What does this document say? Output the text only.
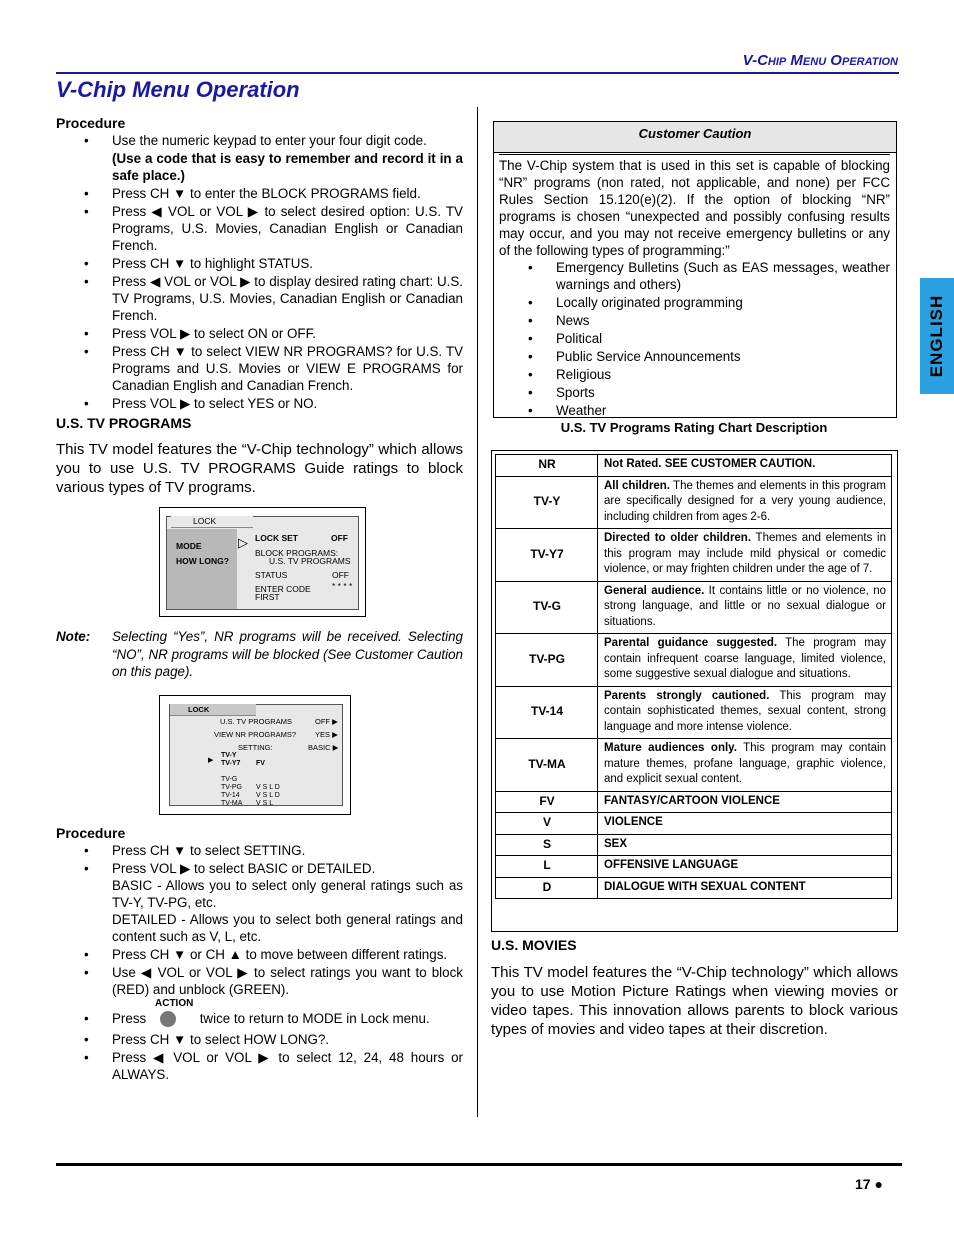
V-Chip Menu Operation
V-Chip Menu Operation
ENGLISH
Procedure
• Use the numeric keypad to enter your four digit code.
(Use a code that is easy to remember and record it in a safe place.)
• Press CH ▼ to enter the BLOCK PROGRAMS field.
• Press ◀ VOL or VOL ▶ to select desired option: U.S. TV Programs, U.S. Movies, Canadian English or Canadian French.
• Press CH ▼ to highlight STATUS.
• Press ◀ VOL or VOL ▶ to display desired rating chart: U.S. TV Programs, U.S. Movies, Canadian English or Canadian French.
• Press VOL ▶ to select ON or OFF.
• Press CH ▼ to select VIEW NR PROGRAMS? for U.S. TV Programs and U.S. Movies or VIEW E PROGRAMS for Canadian English and Canadian French.
• Press VOL ▶ to select YES or NO.
U.S. TV PROGRAMS
This TV model features the “V-Chip technology” which allows you to use U.S. TV PROGRAMS Guide ratings to block various types of TV programs.
LOCK
MODE
HOW LONG?
▷ LOCK SET	OFF
BLOCK PROGRAMS:
U.S. TV PROGRAMS
STATUS	OFF
ENTER CODE	* * * *
FIRST
Note: Selecting “Yes”, NR programs will be received. Selecting “NO”, NR programs will be blocked (See Customer Caution on this page).
LOCK
U.S. TV PROGRAMS	OFF ▶
VIEW NR PROGRAMS?	YES ▶
SETTING:	BASIC ▶
▶
TV-Y
TV-Y7 FV
TV-G
TV-PG V S L D
TV-14 V S L D
TV-MA V S L
Procedure
• Press CH ▼ to select SETTING.
• Press VOL ▶ to select BASIC or DETAILED.
BASIC - Allows you to select only general ratings such as TV-Y, TV-PG, etc.
DETAILED - Allows you to select both general ratings and content such as V, L, etc.
• Press CH ▼ or CH ▲ to move between different ratings.
• Use ◀ VOL or VOL ▶ to select ratings you want to block (RED) and unblock (GREEN).
• ACTION
Press	twice to return to MODE in Lock menu.
• Press CH ▼ to select HOW LONG?.
• Press ◀ VOL or VOL ▶ to select 12, 24, 48 hours or ALWAYS.
Customer Caution
The V-Chip system that is used in this set is capable of blocking “NR” programs (non rated, not applicable, and none) per FCC Rules Section 15.120(e)(2). If the option of blocking “NR” programs is chosen “unexpected and possibly confusing results may occur, and you may not receive emergency bulletins or any of the following types of programming:”
• Emergency Bulletins (Such as EAS messages, weather warnings and others)
• Locally originated programming
• News
• Political
• Public Service Announcements
• Religious
• Sports
• Weather
U.S. TV Programs Rating Chart Description
NR	Not Rated. SEE CUSTOMER CAUTION.
TV-Y	All children. The themes and elements in this program are specifically designed for a very young audience, including children from ages 2-6.
TV-Y7	Directed to older children. Themes and elements in this program may include mild physical or comedic violence, or may frighten children under the age of 7.
TV-G	General audience. It contains little or no violence, no strong language, and little or no sexual dialogue or situations.
TV-PG	Parental guidance suggested. The program may contain infrequent coarse language, limited violence, some suggestive sexual dialogue and situations.
TV-14	Parents strongly cautioned. This program may contain sophisticated themes, sexual content, strong language and more intense violence.
TV-MA	Mature audiences only. This program may contain mature themes, profane language, graphic violence, and explicit sexual content.
FV	FANTASY/CARTOON VIOLENCE
V	VIOLENCE
S	SEX
L	OFFENSIVE LANGUAGE
D	DIALOGUE WITH SEXUAL CONTENT
U.S. MOVIES
This TV model features the “V-Chip technology” which allows you to use Motion Picture Ratings when viewing movies or video tapes. This innovation allows parents to block various types of movies and video tapes at their discretion.
17 ●
